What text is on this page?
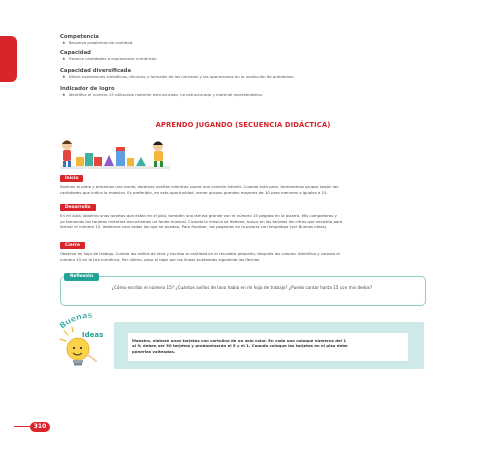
Competencia
★ Resuelve problemas de cantidad.
Capacidad
★ Traduce cantidades a expresiones numéricas.
Capacidad diversificada
★ Utiliza expresiones simbólicas, técnicas y formales de los números y las operaciones en la resolución de problemas.
Indicador de logro
★ Identifica el número 15 utilizando material estructurado, no estructurado y material representativo.
APRENDO JUGANDO (SECUENCIA DIDÁCTICA)
Inicio
Salimos al patio y armamos una ronda, daremos vueltas mientras suene una canción infantil. Cuando esta pare, formaremos grupos según las
cantidades que indica la maestra. Es preferible, en esta oportunidad, armar grupos grandes mayores de 10 pero menores o iguales a 15.
Desarrollo
En mi aula, observo unas tarjetas que están en el piso, también una lámina grande con el número 15 pegado en la pizarra. Mis compañeros y
yo tomamos las tarjetas mientras escuchamos un fondo musical. Cuando la música se detiene, busco en las tarjetas las cifras que necesito para
formar el número 15, debemos usar todas las que se puedan. Para finalizar, las pegamos en la pizarra con limpiatipo (ver Buenas ideas).
Cierre
Observo mi hoja de trabajo. Cuento los ovillos de lana y escribo la cantidad en el recuadro pequeño, después los coloreo. Identifico y coloreo el
número 15 en la tira numérica. Por último, paso el lápiz por las líneas punteadas siguiendo las flechas.
Reflexión
¿Cómo escribo el número 15? ¿Cuántos ovillos de lana había en mi hoja de trabajo? ¿Puedo contar hasta 15 con mis dedos?
Maestra, elabore unas tarjetas con cartulina de un solo color. En cada una coloque números del 1
al 9; deben ser 50 tarjetas y predominarán el 5 y el 1. Cuando coloque las tarjetas en el piso debe
ponerlas volteadas.
Buenas
Ideas
310
